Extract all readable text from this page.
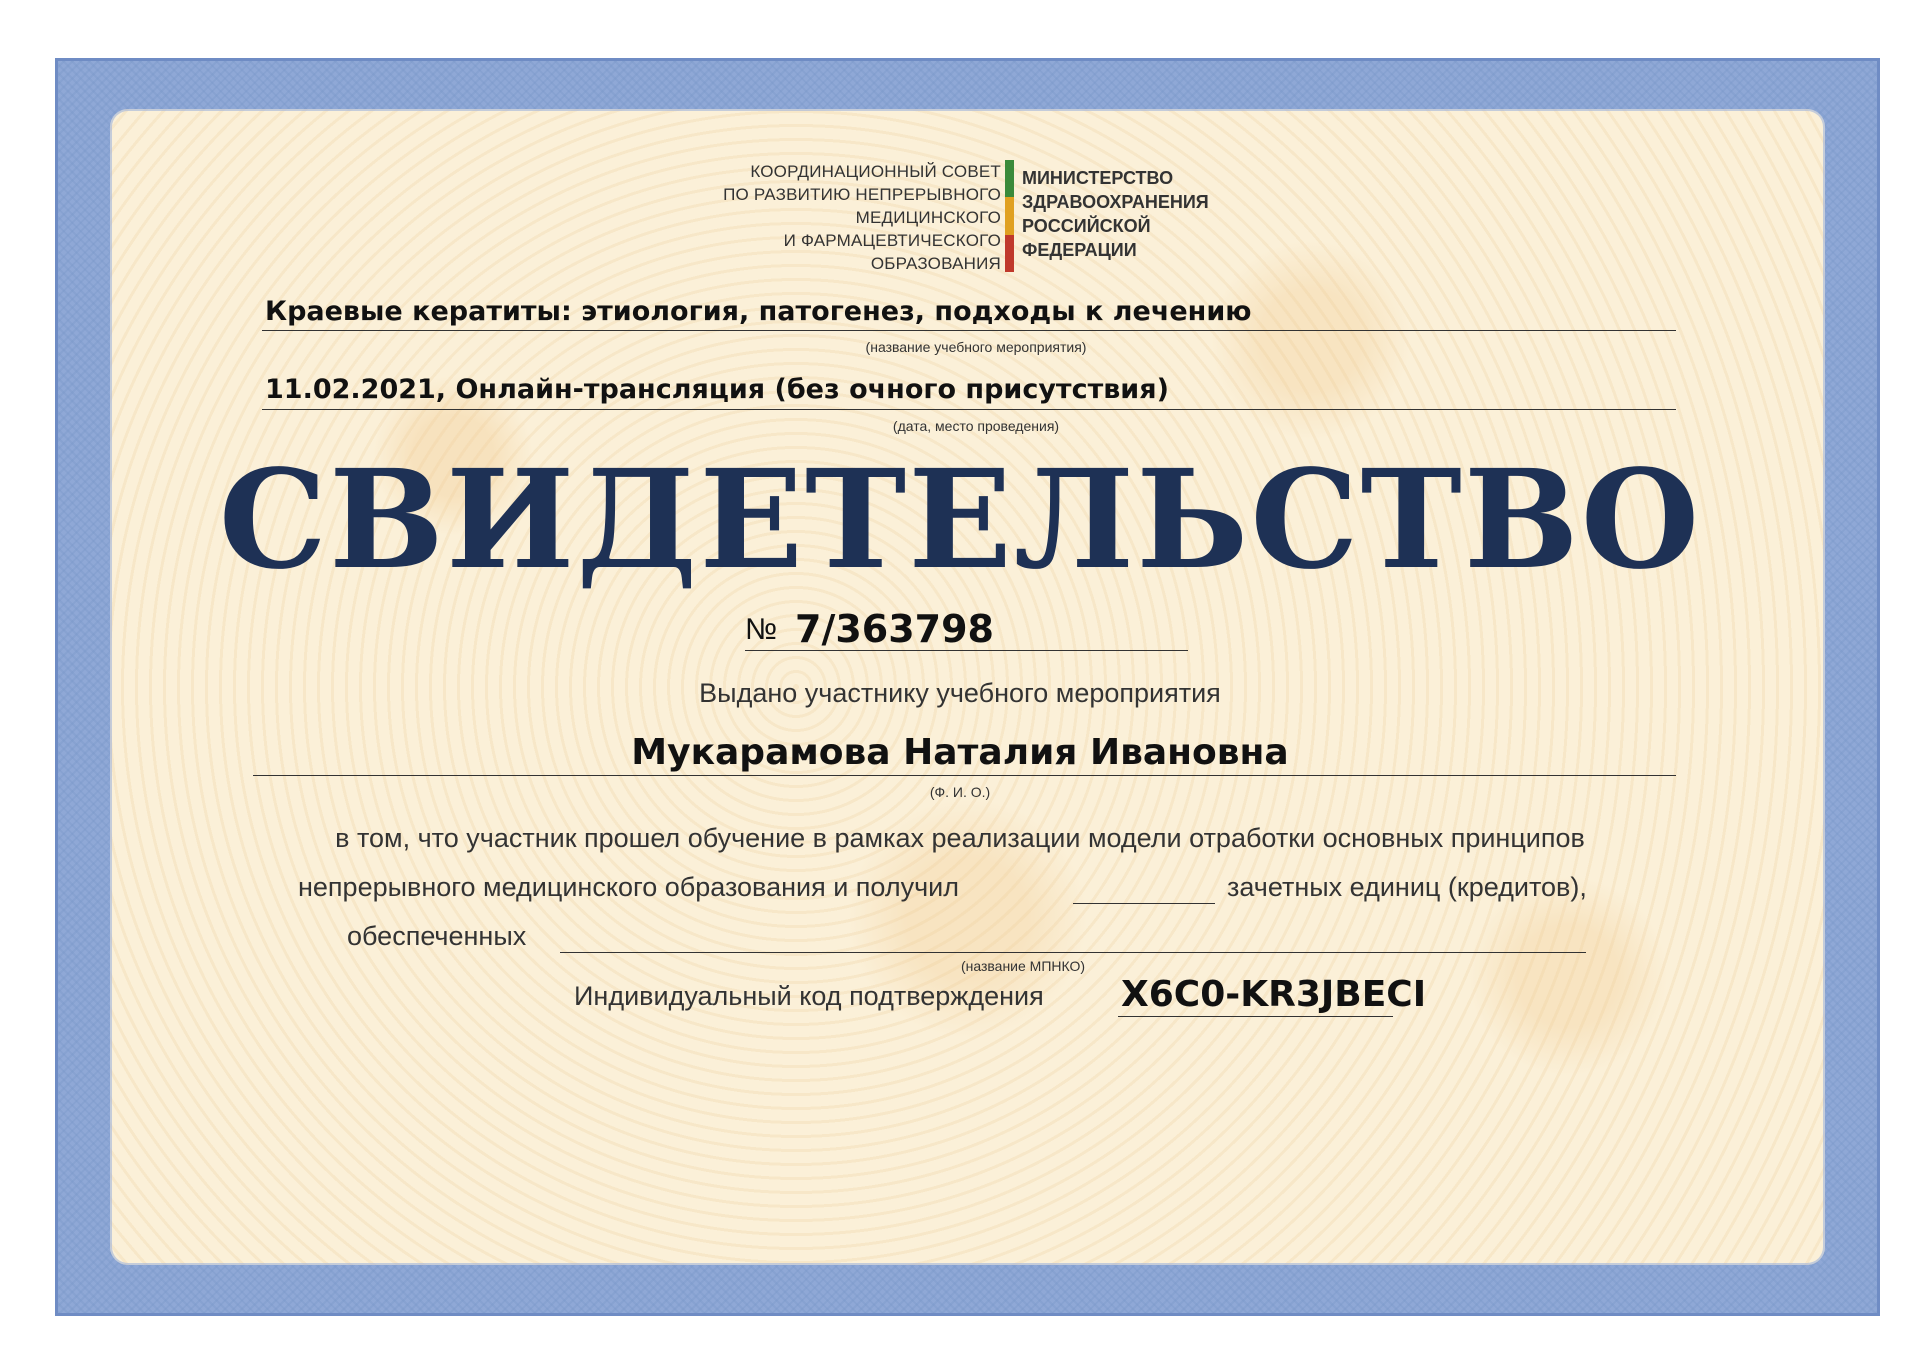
КООРДИНАЦИОННЫЙ СОВЕТ
ПО РАЗВИТИЮ НЕПРЕРЫВНОГО
МЕДИЦИНСКОГО
И ФАРМАЦЕВТИЧЕСКОГО
ОБРАЗОВАНИЯ
МИНИСТЕРСТВО
ЗДРАВООХРАНЕНИЯ
РОССИЙСКОЙ
ФЕДЕРАЦИИ
Краевые кератиты: этиология, патогенез, подходы к лечению
(название учебного мероприятия)
11.02.2021, Онлайн-трансляция (без очного присутствия)
(дата, место проведения)
СВИДЕТЕЛЬСТВО
№ 7/363798
Выдано участнику учебного мероприятия
Мукарамова Наталия Ивановна
(Ф. И. О.)
в том, что участник прошел обучение в рамках реализации модели отработки основных принципов
непрерывного медицинского образования и получил	зачетных единиц (кредитов),
обеспеченных
(название МПНКО)
Индивидуальный код подтверждения X6C0-KR3JBECI
